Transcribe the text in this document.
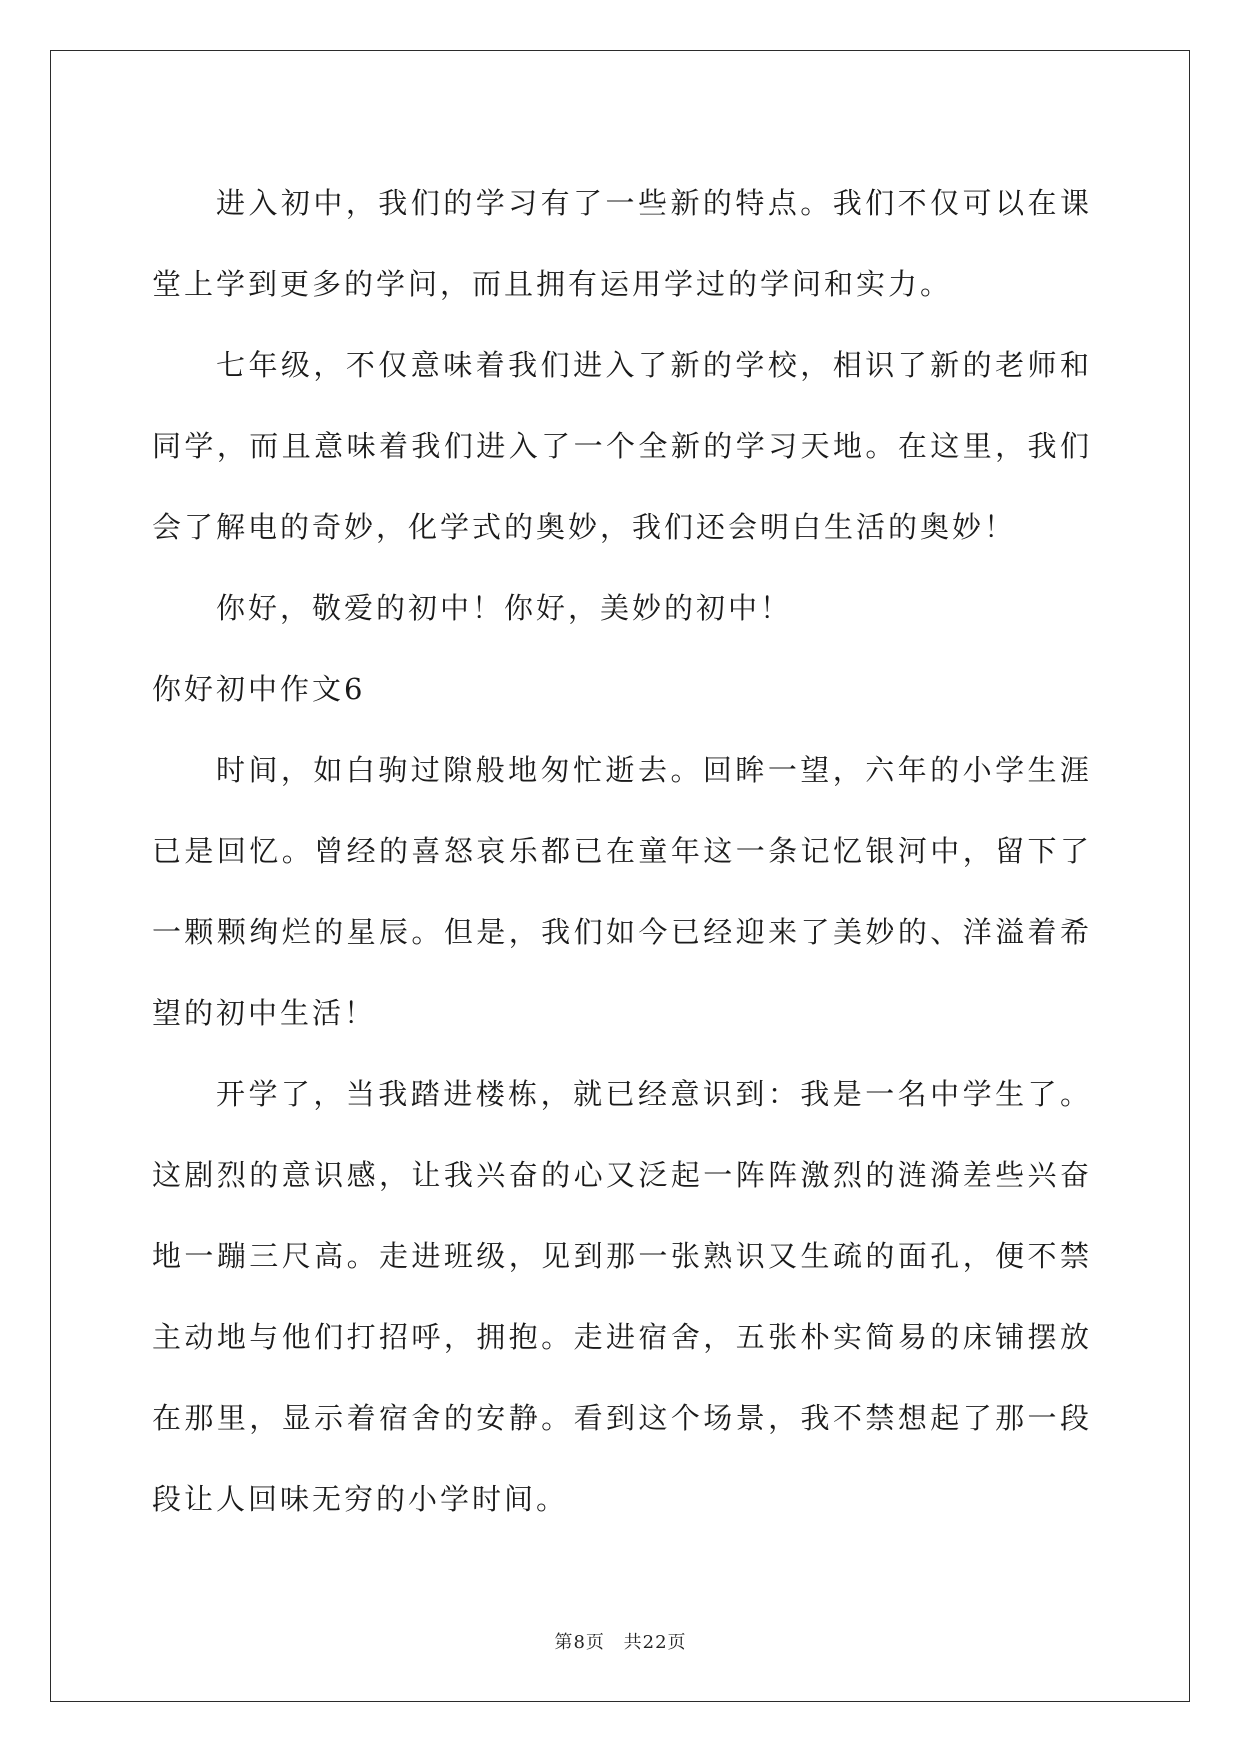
进入初中，我们的学习有了一些新的特点。我们不仅可以在课堂上学到更多的学问，而且拥有运用学过的学问和实力。

七年级，不仅意味着我们进入了新的学校，相识了新的老师和同学，而且意味着我们进入了一个全新的学习天地。在这里，我们会了解电的奇妙，化学式的奥妙，我们还会明白生活的奥妙！

你好，敬爱的初中！你好，美妙的初中！

你好初中作文6

时间，如白驹过隙般地匆忙逝去。回眸一望，六年的小学生涯已是回忆。曾经的喜怒哀乐都已在童年这一条记忆银河中，留下了一颗颗绚烂的星辰。但是，我们如今已经迎来了美妙的、洋溢着希望的初中生活！

开学了，当我踏进楼栋，就已经意识到：我是一名中学生了。这剧烈的意识感，让我兴奋的心又泛起一阵阵激烈的涟漪差些兴奋地一蹦三尺高。走进班级，见到那一张熟识又生疏的面孔，便不禁主动地与他们打招呼，拥抱。走进宿舍，五张朴实简易的床铺摆放在那里，显示着宿舍的安静。看到这个场景，我不禁想起了那一段段让人回味无穷的小学时间。

第8页 共22页
